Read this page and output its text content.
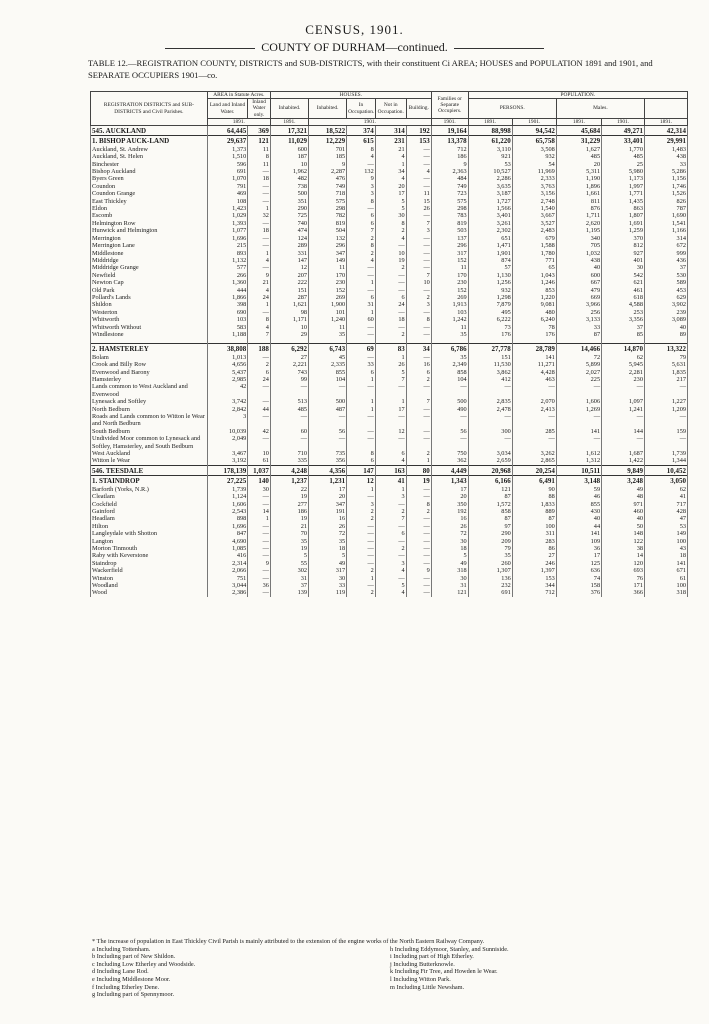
CENSUS, 1901.
COUNTY OF DURHAM—continued.
TABLE 12.—REGISTRATION COUNTY, DISTRICTS and SUB-DISTRICTS, with their constituent Ci AREA; HOUSES and POPULATION 1891 and 1901, and SEPARATE OCCUPIERS 1901—co.
REGISTRATION DISTRICTS and SUB-DISTRICTS and Civil Parishes.	AREA in Statute Acres.		HOUSES.					Families or Separate Occupiers.	POPULATION.				
	Land and Inland Water.	Inland Water only.	Inhabited.	Inhabited.	In Occupation.	Not in Occupation.	Building.		PERSONS.		Males.		
	1891.		1891.	1901.				1901.	1891.	1901.	1891.	1901.	1891.
545. AUCKLAND	64,445	369	17,321	18,522	374	314	192	19,164	88,998	94,542	45,684	49,271	42,314
1. BISHOP AUCK-LAND	29,637	121	11,029	12,229	615	231	153	13,378	61,220	65,758	31,229	33,401	29,991
Auckland, St. Andrew	1,373	11	600	701	8	21	—	712	3,110	3,508	1,627	1,770	1,483
Auckland, St. Helen	1,510	8	187	185	4	4	—	186	921	932	485	485	438
Binchester	596	11	10	9	—	1	—	9	53	54	20	25	33
Bishop Auckland	691	—	1,962	2,287	132	34	4	2,363	10,527	11,969	5,311	5,980	5,286
Byers Green	1,070	18	482	476	9	4	—	484	2,286	2,333	1,190	1,173	1,156
Coundon	791	—	738	749	3	20	—	749	3,635	3,763	1,896	1,997	1,746
Coundon Grange	469	—	500	718	3	17	11	723	3,187	3,156	1,661	1,771	1,526
East Thickley	108	—	351	575	8	5	15	575	1,727	2,748	811	1,435	826
Eldon	1,423	1	290	298	—	5	26	298	1,566	1,540	876	863	787
Escomb	1,029	32	725	782	6	30	—	783	3,401	3,667	1,711	1,807	1,690
Helmington Row	1,393	—	740	819	6	8	7	819	3,261	3,527	2,620	1,691	1,541
Hunwick and Helmington	1,077	18	474	504	7	2	3	503	2,302	2,483	1,195	1,259	1,166
Merrington	1,696	—	124	132	2	4	—	137	651	679	340	370	314
Merrington Lane	215	—	289	296	8	—	—	296	1,471	1,588	705	812	672
Middlestone	893	1	331	347	2	10	—	317	1,901	1,780	1,032	927	999
Middridge	1,132	4	147	149	4	19	—	152	874	771	438	401	436
Middridge Grange	577	—	12	11	—	2	—	11	57	65	40	30	37
Newfield	266	9	207	170	—	—	7	170	1,130	1,043	600	542	530
Newton Cap	1,360	21	222	230	1	—	10	230	1,256	1,246	667	621	589
Old Park	444	4	151	152	—	—	—	152	932	853	479	461	453
Pollard's Lands	1,866	24	287	269	6	6	2	269	1,298	1,220	669	618	629
Shildon	398	1	1,621	1,900	31	24	3	1,913	7,879	9,081	3,966	4,588	3,902
Westerton	690	—	98	101	1	—	—	103	495	480	256	253	239
Whitworth	103	8	1,171	1,240	60	18	8	1,242	6,222	6,240	3,133	3,356	3,089
Whitworth Without	583	4	10	11	—	—	—	11	73	78	33	37	40
Windlestone	1,188	7	29	35	—	2	—	35	176	176	87	85	89

2. HAMSTERLEY	38,808	188	6,292	6,743	69	83	34	6,786	27,778	28,789	14,466	14,870	13,322
Bolam	1,013	—	27	45	—	1	—	35	151	141	72	62	79
Crook and Billy Row	4,656	2	2,221	2,335	33	26	16	2,349	11,530	11,271	5,899	5,945	5,631
Evenwood and Barony	5,437	6	743	855	6	5	6	858	3,862	4,428	2,027	2,281	1,835
Hamsterley	2,985	24	99	104	1	7	2	104	412	463	225	230	217
Lands common to West Auckland and Evenwood	42	—	—	—	—	—	—	—	—	—	—	—	—
Lynesack and Softley	3,742	—	513	500	1	1	7	500	2,835	2,070	1,606	1,097	1,227
North Bedburn	2,842	44	485	487	1	17	—	490	2,478	2,413	1,269	1,241	1,209
Roads and Lands common to Witton le Wear and North Bedburn	3	—	—	—	—	—	—	—	—	—	—	—	—
South Bedburn	10,039	42	60	56	—	12	—	56	300	285	141	144	159
Undivided Moor common to Lynesack and Softley, Hamsterley, and South Bedburn	2,049	—	—	—	—	—	—	—	—	—	—	—	—
West Auckland	3,467	10	710	735	8	6	2	750	3,034	3,262	1,612	1,687	1,739
Witton le Wear	3,192	61	335	356	6	4	1	362	2,659	2,865	1,312	1,422	1,344
546. TEESDALE	178,139	1,037	4,248	4,356	147	163	80	4,449	20,968	20,254	10,511	9,849	10,452
1. STAINDROP	27,225	140	1,237	1,231	12	41	19	1,343	6,166	6,491	3,148	3,248	3,050
Barforth (Yorks, N.R.)	1,739	30	22	17	1	1	—	17	121	90	59	49	62
Cleatlam	1,124	—	19	20	—	3	—	20	87	88	46	48	41
Cockfield	1,606	—	277	347	3	—	8	350	1,572	1,833	855	971	717
Gainford	2,543	14	186	191	2	2	2	192	858	889	430	460	428
Headlam	898	1	19	16	2	7	—	16	87	87	40	40	47
Hilton	1,696	—	21	26	—	—	—	26	97	100	44	50	53
Langleydale with Shotton	847	—	70	72	—	6	—	72	290	311	141	148	149
Langton	4,690	—	35	35	—	—	—	30	209	283	109	122	100
Morton Tinmouth	1,085	—	19	18	—	2	—	18	79	86	36	38	43
Raby with Keverstone	416	—	5	5	—	—	—	5	35	27	17	14	18
Staindrop	2,314	9	55	49	—	3	—	49	260	246	125	120	141
Wackerfield	2,066	—	302	317	2	4	9	318	1,307	1,397	636	693	671
Winston	751	—	31	30	1	—	—	30	136	153	74	76	61
Woodland	3,044	36	37	33	—	5	—	31	232	344	158	171	100
Wood	2,386	—	139	119	2	4	—	121	691	712	376	366	318
* The increase of population in East Thickley Civil Parish is mainly attributed to the extension of the engine works of the North Eastern Railway Company.
a Including Tottenham.
b Including part of New Shildon.
c Including Low Etherley and Woodside.
d Including Lane Rod.
e Including Middlestone Moor.
f Including Etherley Dene.
g Including part of Spennymoor.
h Including Eddymoor, Stanley, and Sunniside.
i Including part of High Etherley.
j Including Butterknowle.
k Including Fir Tree, and Howden le Wear.
l Including Witton Park.
m Including Little Newsham.
